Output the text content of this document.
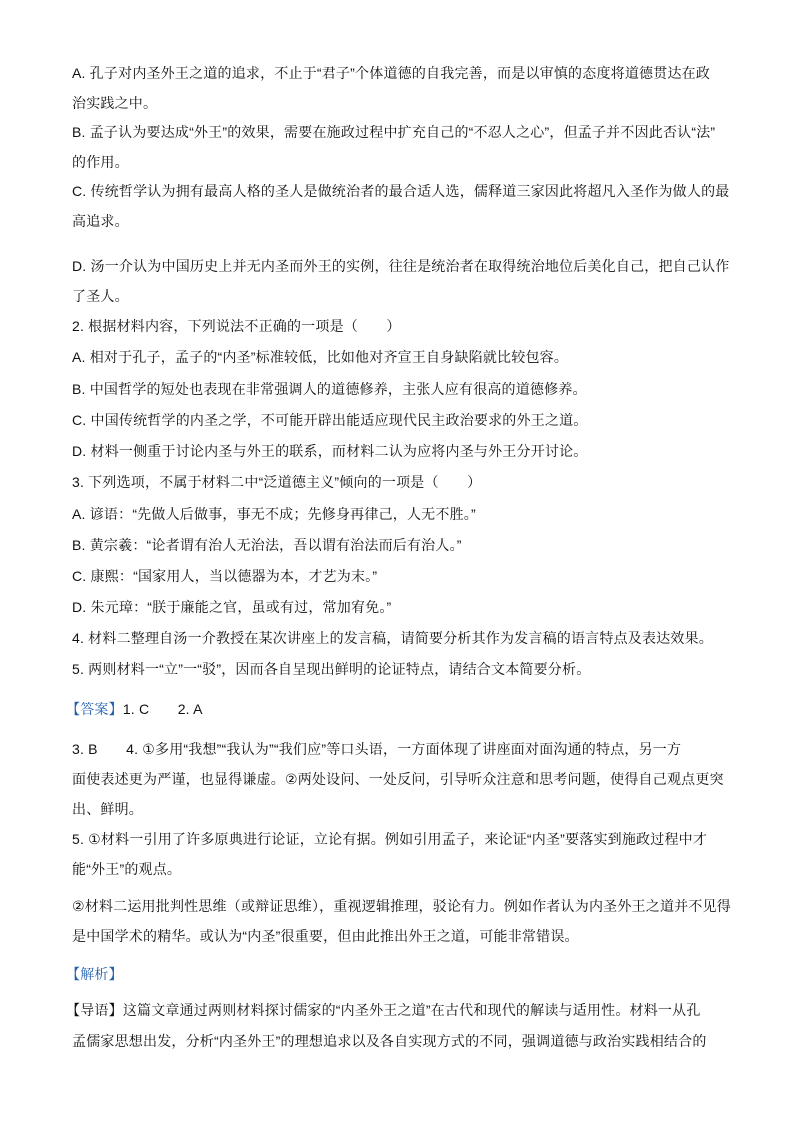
A. 孔子对内圣外王之道的追求，不止于“君子”个体道德的自我完善，而是以审慎的态度将道德贯达在政
治实践之中。
B. 孟子认为要达成“外王”的效果，需要在施政过程中扩充自己的“不忍人之心”，但孟子并不因此否认“法”
的作用。
C. 传统哲学认为拥有最高人格的圣人是做统治者的最合适人选，儒释道三家因此将超凡入圣作为做人的最
高追求。
D. 汤一介认为中国历史上并无内圣而外王的实例，往往是统治者在取得统治地位后美化自己，把自己认作
了圣人。
2. 根据材料内容，下列说法不正确的一项是（　　）
A. 相对于孔子，孟子的“内圣”标准较低，比如他对齐宣王自身缺陷就比较包容。
B. 中国哲学的短处也表现在非常强调人的道德修养，主张人应有很高的道德修养。
C. 中国传统哲学的内圣之学，不可能开辟出能适应现代民主政治要求的外王之道。
D. 材料一侧重于讨论内圣与外王的联系，而材料二认为应将内圣与外王分开讨论。
3. 下列选项，不属于材料二中“泛道德主义”倾向的一项是（　　）
A. 谚语：“先做人后做事，事无不成；先修身再律己，人无不胜。”
B. 黄宗羲：“论者谓有治人无治法，吾以谓有治法而后有治人。”
C. 康熙：“国家用人，当以德器为本，才艺为末。”
D. 朱元璋：“朕于廉能之官，虽或有过，常加宥免。”
4. 材料二整理自汤一介教授在某次讲座上的发言稿，请简要分析其作为发言稿的语言特点及表达效果。
5. 两则材料一“立”一“驳”，因而各自呈现出鲜明的论证特点，请结合文本简要分析。
【答案】1. C　　2. A
3. B　　4. ①多用“我想”“我认为”“我们应”等口头语，一方面体现了讲座面对面沟通的特点，另一方
面使表述更为严谨，也显得谦虚。②两处设问、一处反问，引导听众注意和思考问题，使得自己观点更突
出、鲜明。
5. ①材料一引用了许多原典进行论证，立论有据。例如引用孟子，来论证“内圣”要落实到施政过程中才
能“外王”的观点。
②材料二运用批判性思维（或辩证思维），重视逻辑推理，驳论有力。例如作者认为内圣外王之道并不见得
是中国学术的精华。或认为“内圣”很重要，但由此推出外王之道，可能非常错误。
【解析】
【导语】这篇文章通过两则材料探讨儒家的“内圣外王之道”在古代和现代的解读与适用性。材料一从孔
孟儒家思想出发，分析“内圣外王”的理想追求以及各自实现方式的不同，强调道德与政治实践相结合的
